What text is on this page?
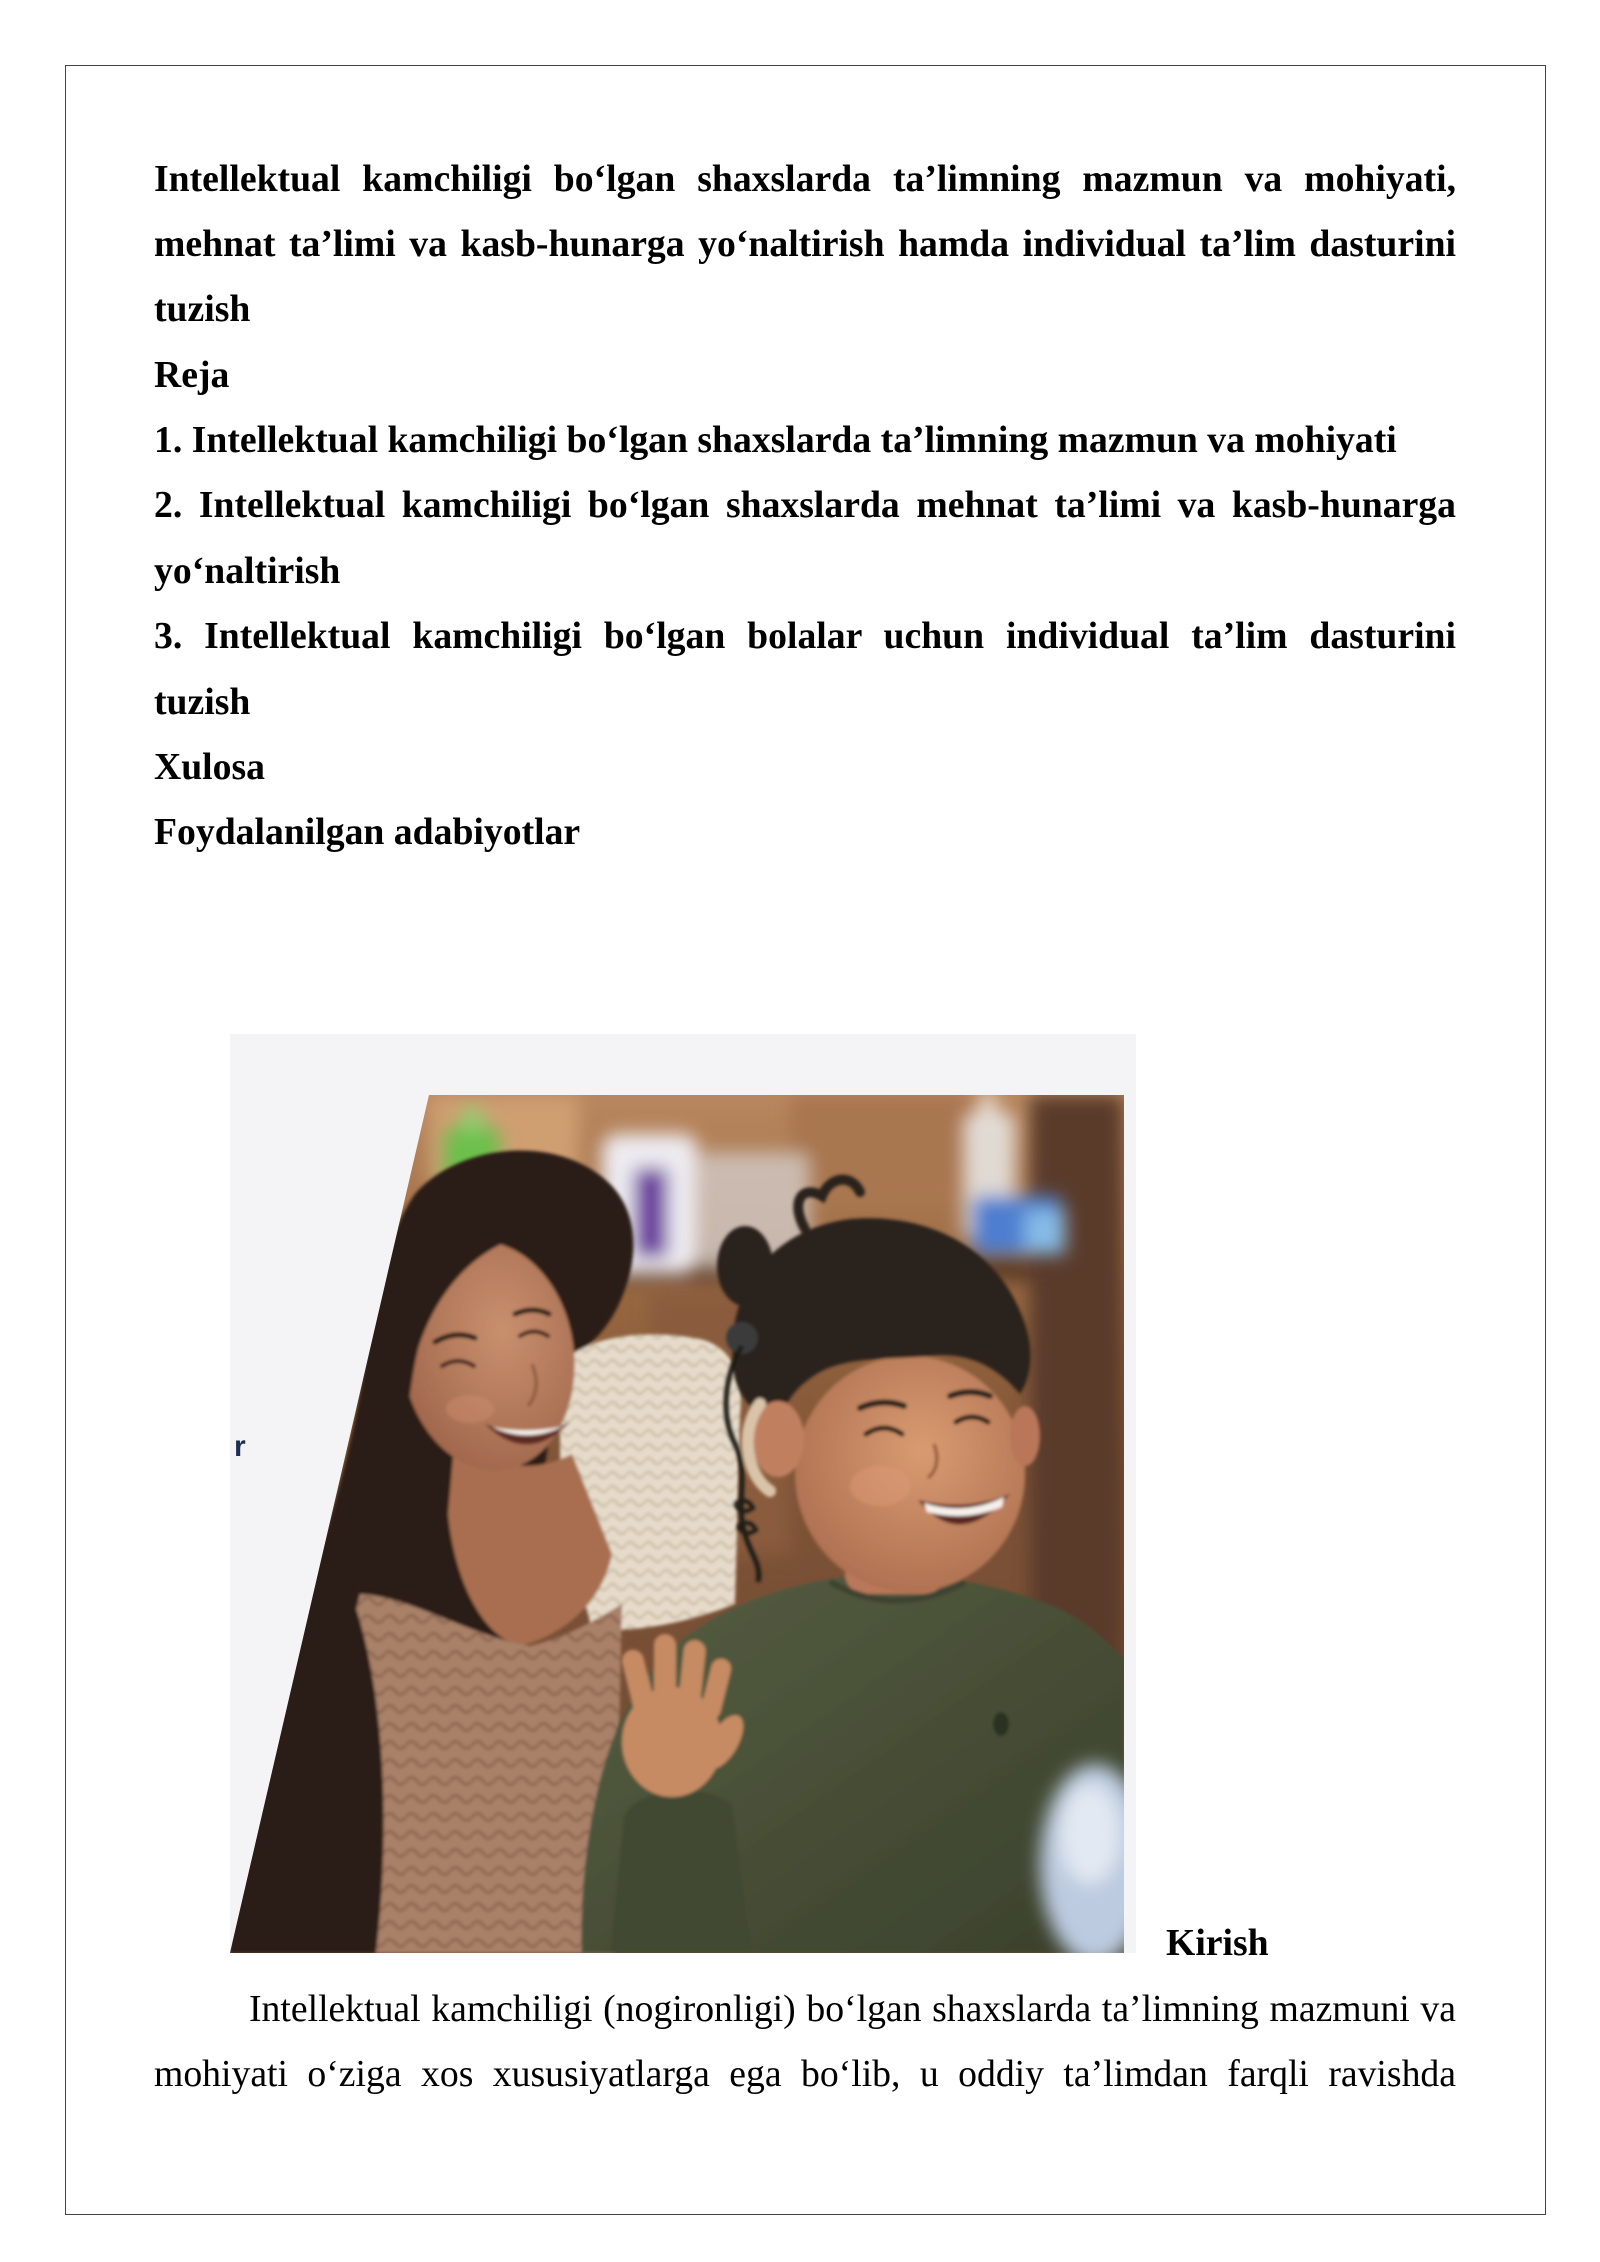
Intellektual kamchiligi bo‘lgan shaxslarda ta’limning mazmun va mohiyati,
mehnat ta’limi va kasb-hunarga yo‘naltirish hamda individual ta’lim dasturini
tuzish
Reja
1. Intellektual kamchiligi bo‘lgan shaxslarda ta’limning mazmun va mohiyati
2. Intellektual kamchiligi bo‘lgan shaxslarda mehnat ta’limi va kasb-hunarga
yo‘naltirish
3. Intellektual kamchiligi bo‘lgan bolalar uchun individual ta’lim dasturini
tuzish
Xulosa
Foydalanilgan adabiyotlar
r
Kirish
Intellektual kamchiligi (nogironligi) bo‘lgan shaxslarda ta’limning mazmuni va
mohiyati o‘ziga xos xususiyatlarga ega bo‘lib, u oddiy ta’limdan farqli ravishda
